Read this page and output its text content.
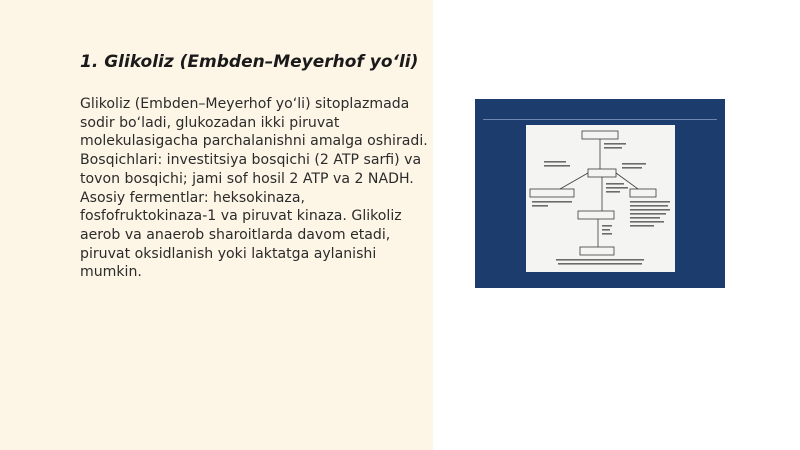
1. Glikoliz (Embden–Meyerhof yo‘li)

Glikoliz (Embden–Meyerhof yo‘li) sitoplazmada sodir bo‘ladi, glukozadan ikki piruvat molekulasigacha parchalanishni amalga oshiradi. Bosqichlari: investitsiya bosqichi (2 ATP sarfi) va tovon bosqichi; jami sof hosil 2 ATP va 2 NADH. Asosiy fermentlar: heksokinaza, fosfofruktokinaza-1 va piruvat kinaza. Glikoliz aerob va anaerob sharoitlarda davom etadi, piruvat oksidlanish yoki laktatga aylanishi mumkin.
